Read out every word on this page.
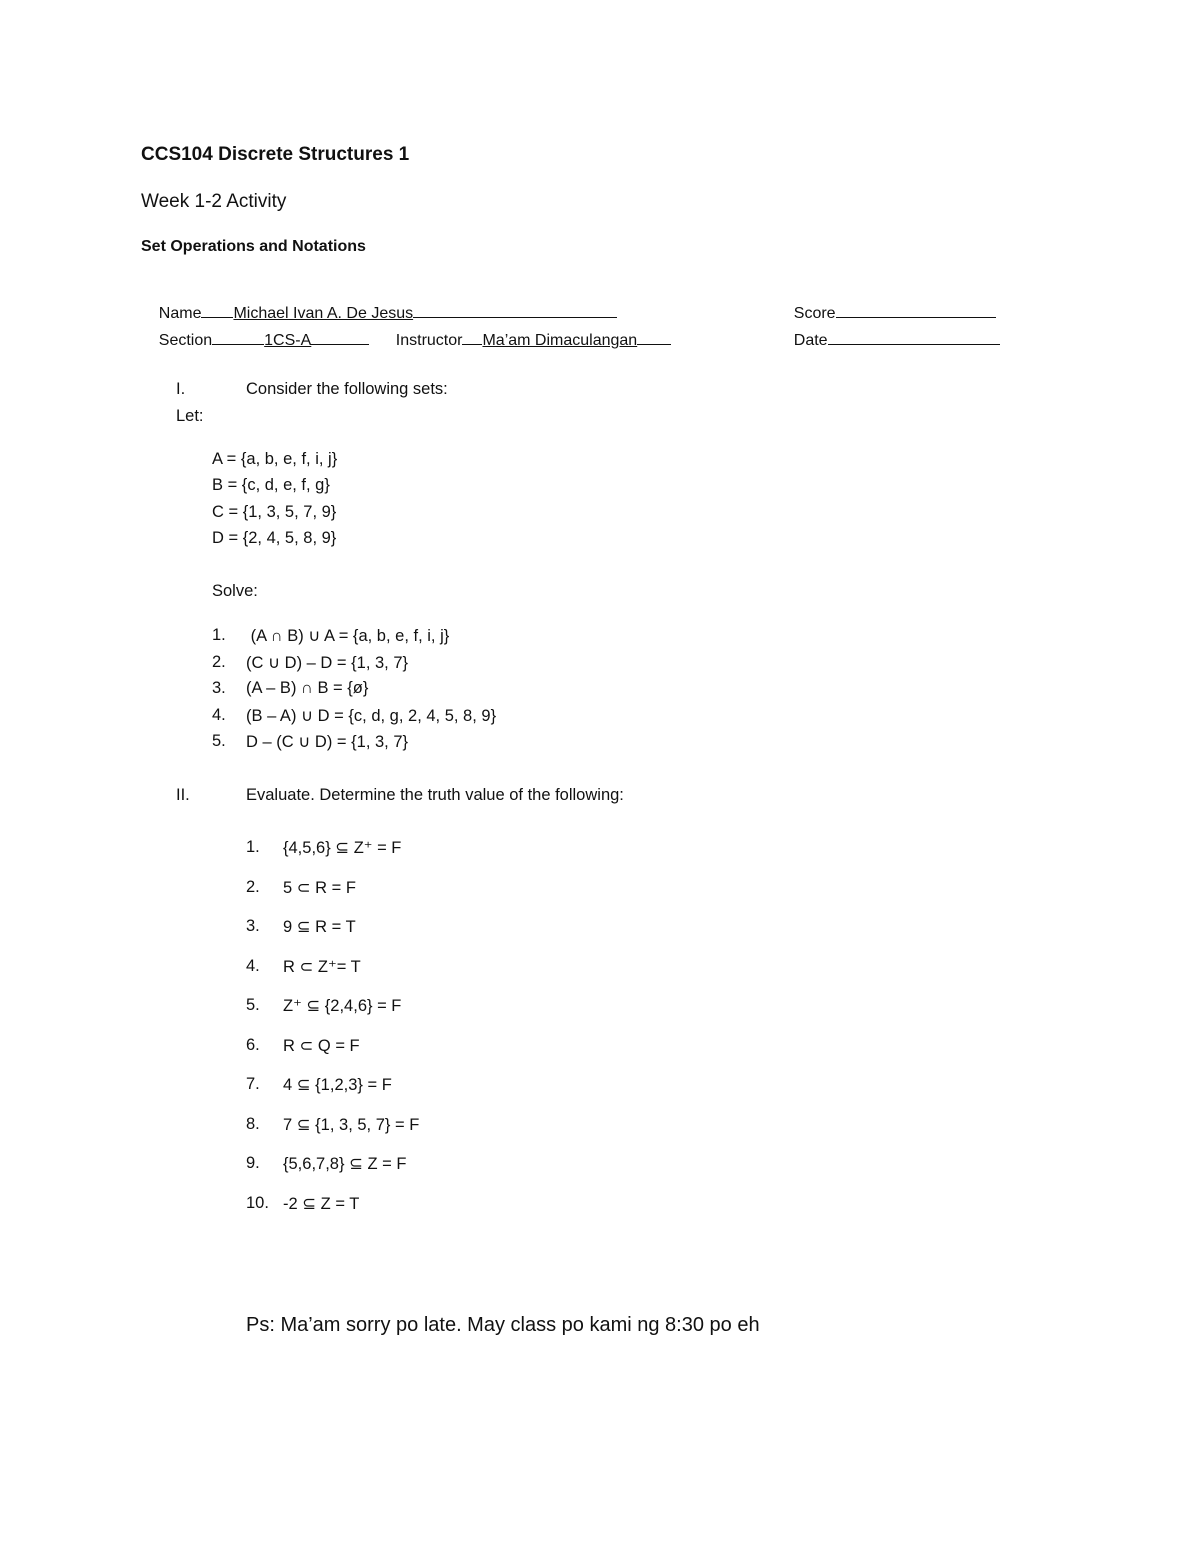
CCS104 Discrete Structures 1
Week 1-2 Activity
Set Operations and Notations

Name Michael Ivan A. De Jesus
	Score

Section	1CS-A
	Instructor Ma’am Dimaculangan
	Date

I.	Consider the following sets:
Let:
A = {a, b, e, f, i, j}
B = {c, d, e, f, g}
C = {1, 3, 5, 7, 9}
D = {2, 4, 5, 8, 9}
Solve:
1. (A ∩ B) ∪ A = {a, b, e, f, i, j}
2. (C ∪ D) – D = {1, 3, 7}
3. (A – B) ∩ B = {ø}
4. (B – A) ∪ D = {c, d, g, 2, 4, 5, 8, 9}
5. D – (C ∪ D) = {1, 3, 7}
II.	Evaluate. Determine the truth value of the following:
1. {4,5,6} ⊆ Z⁺ = F
2. 5 ⊂ R = F
3. 9 ⊆ R = T
4. R ⊂ Z⁺= T
5. Z⁺ ⊆ {2,4,6} = F
6. R ⊂ Q = F
7. 4 ⊆ {1,2,3} = F
8. 7 ⊆ {1, 3, 5, 7} = F
9. {5,6,7,8} ⊆ Z = F
10. -2 ⊆ Z = T
Ps: Ma’am sorry po late. May class po kami ng 8:30 po eh
